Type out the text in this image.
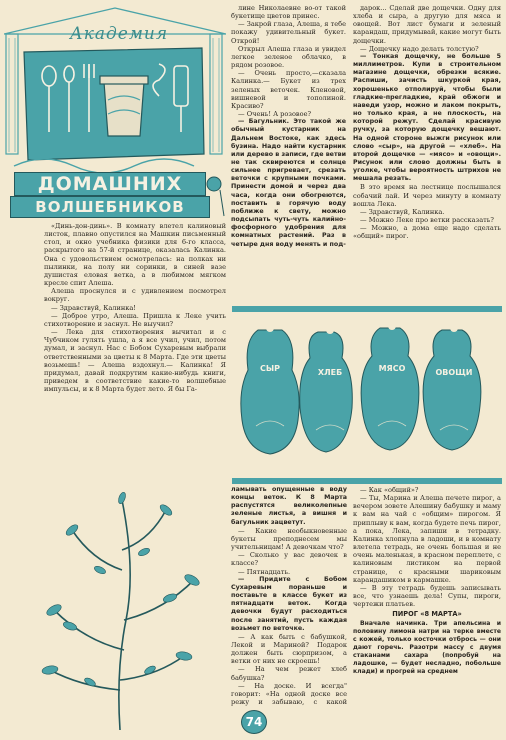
Академия
ДОМАШНИХ
ВОЛШЕБНИКОВ

«Динь-дон-динь». В комнату влетел калиновый листок, плавно опустился на Машкин письменный стол, и окно учебника физики для 6-го класса, раскрытого на 57-й странице, оказалась Калинка. Она с удовольствием осмотрелась: на полках ни пылинки, на полу ни соринки, в синей вазе душистая еловая ветка, а в любимом мягком кресле спит Алеша.

Алеша проснулся и с удивлением посмотрел вокруг.

— Здравствуй, Калинка!

— Доброе утро, Алеша. Пришла к Леке учить стихотворение и заснул. Не выучил?

— Лека для стихотворения вычитал и с Чубчиком гулять ушла, а я все учил, учил, потом думал, и заснул. Нас с Бобом Сухаревым выбрали ответственными за цветы к 8 Марта. Где эти цветы возьмешь! — Алеша вздохнул.— Калинка! Я придумал, давай подкрутим какие-нибудь книги, приведем в соответствие какие-то волшебные импульсы, и к 8 Марта будет лето. Я бы Га-

лине Николаевне во-от такой букетище цветов принес.

— Закрой глаза, Алеша, я тебе покажу удивительный букет. Открой!

Открыл Алеша глаза и увидел легкое зеленое облачко, в рядом розовое.

— Очень просто,—сказала Калинка.— Букет из трех зеленых веточек. Кленовой, вишневой и тополиной. Красиво?

— Очень! А розовое?

— Багульник. Это такой же обычный кустарник на Дальнем Востоке, как здесь бузина. Надо найти кустарник или дерево в записи, где ветви не так сквиреются и солнце сильнее пригревает, срезать веточки с крупными почками. Принести домой и через два часа, когда они обогреются, поставить в горячую воду поближе к свету, можно подсыпать чуть-чуть калийно-фосфорного удобрения для комнатных растений. Раз в четыре дня воду менять и под-

дарок... Сделай две дощечки. Одну для хлеба и сыра, а другую для мяса и овощей. Вот лист бумаги и зеленый карандаш, придумывай, какие могут быть дощечки.

— Дощечку надо делать толстую?

— Тонкая дощечку, не больше 5 миллиметров. Купи в строительном магазине дощечки, обрезки всякие. Распиши, зачисть шкуркой края, хорошенько отполируй, чтобы были гладкие-прегладкие, край обжоги и наведи узор, можно и лаком покрыть, но только края, а не плоскость, на которой режут. Сделай красивую ручку, за которую дощечку вешают. На одной стороне выжги рисунок или слово «сыр», на другой — «хлеб». На второй дощечке — «мясо» и «овощи». Рисунок или слово должны быть в уголке, чтобы вероятность штрихов не мешала резать.

В это время на лестнице послышался собачий лай. И через минуту в комнату вошла Лека.

— Здравствуй, Калинка.

— Можно Леке про ветки рассказать?

— Можно, а дома еще надо сделать «общий» пирог.

СЫР	ХЛЕБ	МЯСО	ОВОЩИ

ламывать опущенные в воду концы веток. К 8 Марта распустятся великолепные зеленые листья, а вишня и багульник зацветут.

— Какие необыкновенные букеты преподнесем мы учительницам! А девочкам что?

— Сколько у вас девочек в классе?

— Пятнадцать.

— Придите с Бобом Сухаревым пораньше и поставьте в классе букет из пятнадцати веток. Когда девочки будут расходиться после занятий, пусть каждая возьмет по веточке.

— А как быть с бабушкой, Лекой и Мариной? Подарок должен быть сюрпризом, а ветки от них не скроешь!

— На чем режет хлеб бабушка?

— На доске. И всегда" говорит: «На одной доске все режу и забываю, с какой

— Как «общий»?

— Ты, Марина и Алеша печете пирог, а вечером зовете Алешину бабушку и маму к вам на чай с «общим» пирогом. Я приплыву к вам, когда будете печь пирог, а пока, Лека, запиши в тетрадку. Калинка хлопнула в ладоши, и в комнату влетела тетрадь, не очень большая и не очень маленькая, в красном переплете, с калиновым листиком на первой странице, с красными шариковым карандашиком в кармашке.

— В эту тетрадь будешь записывать все, что узнаешь дела! Супы, пироги, чертежи платьев.

ПИРОГ «8 МАРТА»

Вначале начинка. Три апельсина и половину лимона натри на терке вместе с кожей, только косточки отбрось — они дают горечь. Разотри массу с двумя стаканами сахара (попробуй на ладошке, — будет несладно, побольше клади) и прогрей на среднем

74
